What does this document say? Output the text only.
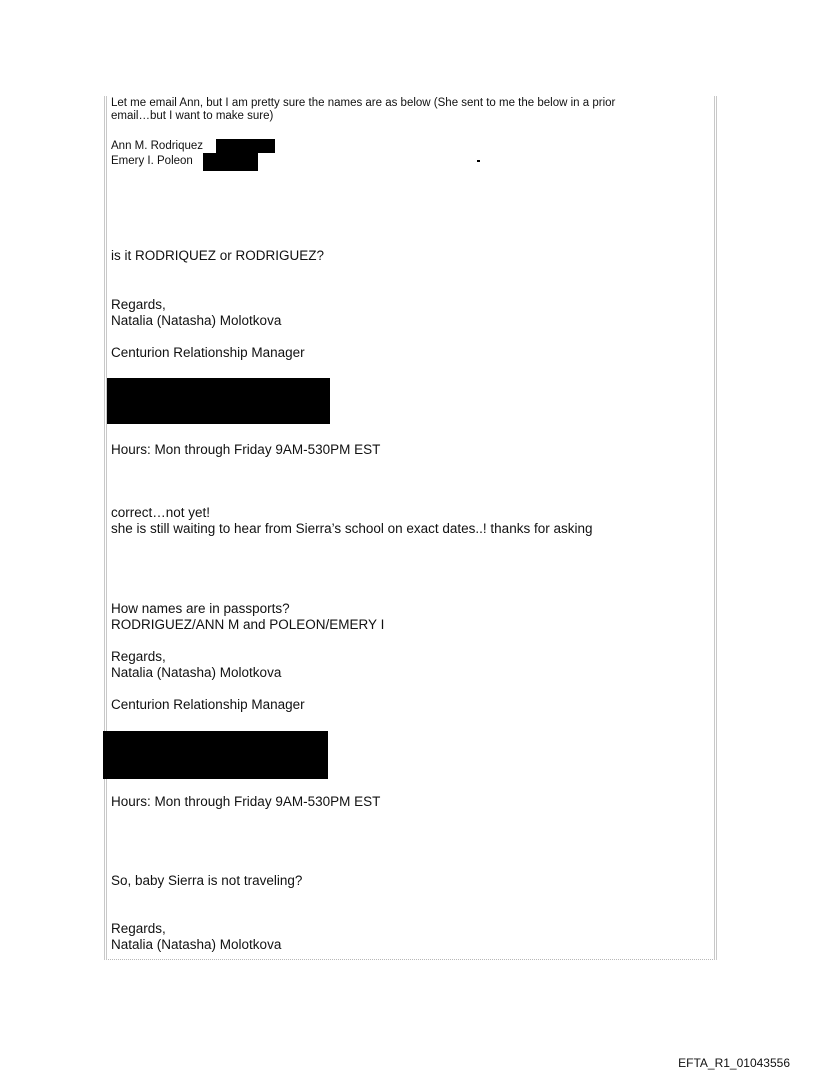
Let me email Ann, but I am pretty sure the names are as below (She sent to me the below in a prior
email…but I want to make sure)
Ann M. Rodriquez
Emery I. Poleon
is it RODRIQUEZ or RODRIGUEZ?
Regards,
Natalia (Natasha) Molotkova
Centurion Relationship Manager
Hours: Mon through Friday 9AM-530PM EST
correct…not yet!
she is still waiting to hear from Sierra’s school on exact dates..! thanks for asking
How names are in passports?
RODRIGUEZ/ANN M and POLEON/EMERY I
Regards,
Natalia (Natasha) Molotkova
Centurion Relationship Manager
Hours: Mon through Friday 9AM-530PM EST
So, baby Sierra is not traveling?
Regards,
Natalia (Natasha) Molotkova
EFTA_R1_01043556
